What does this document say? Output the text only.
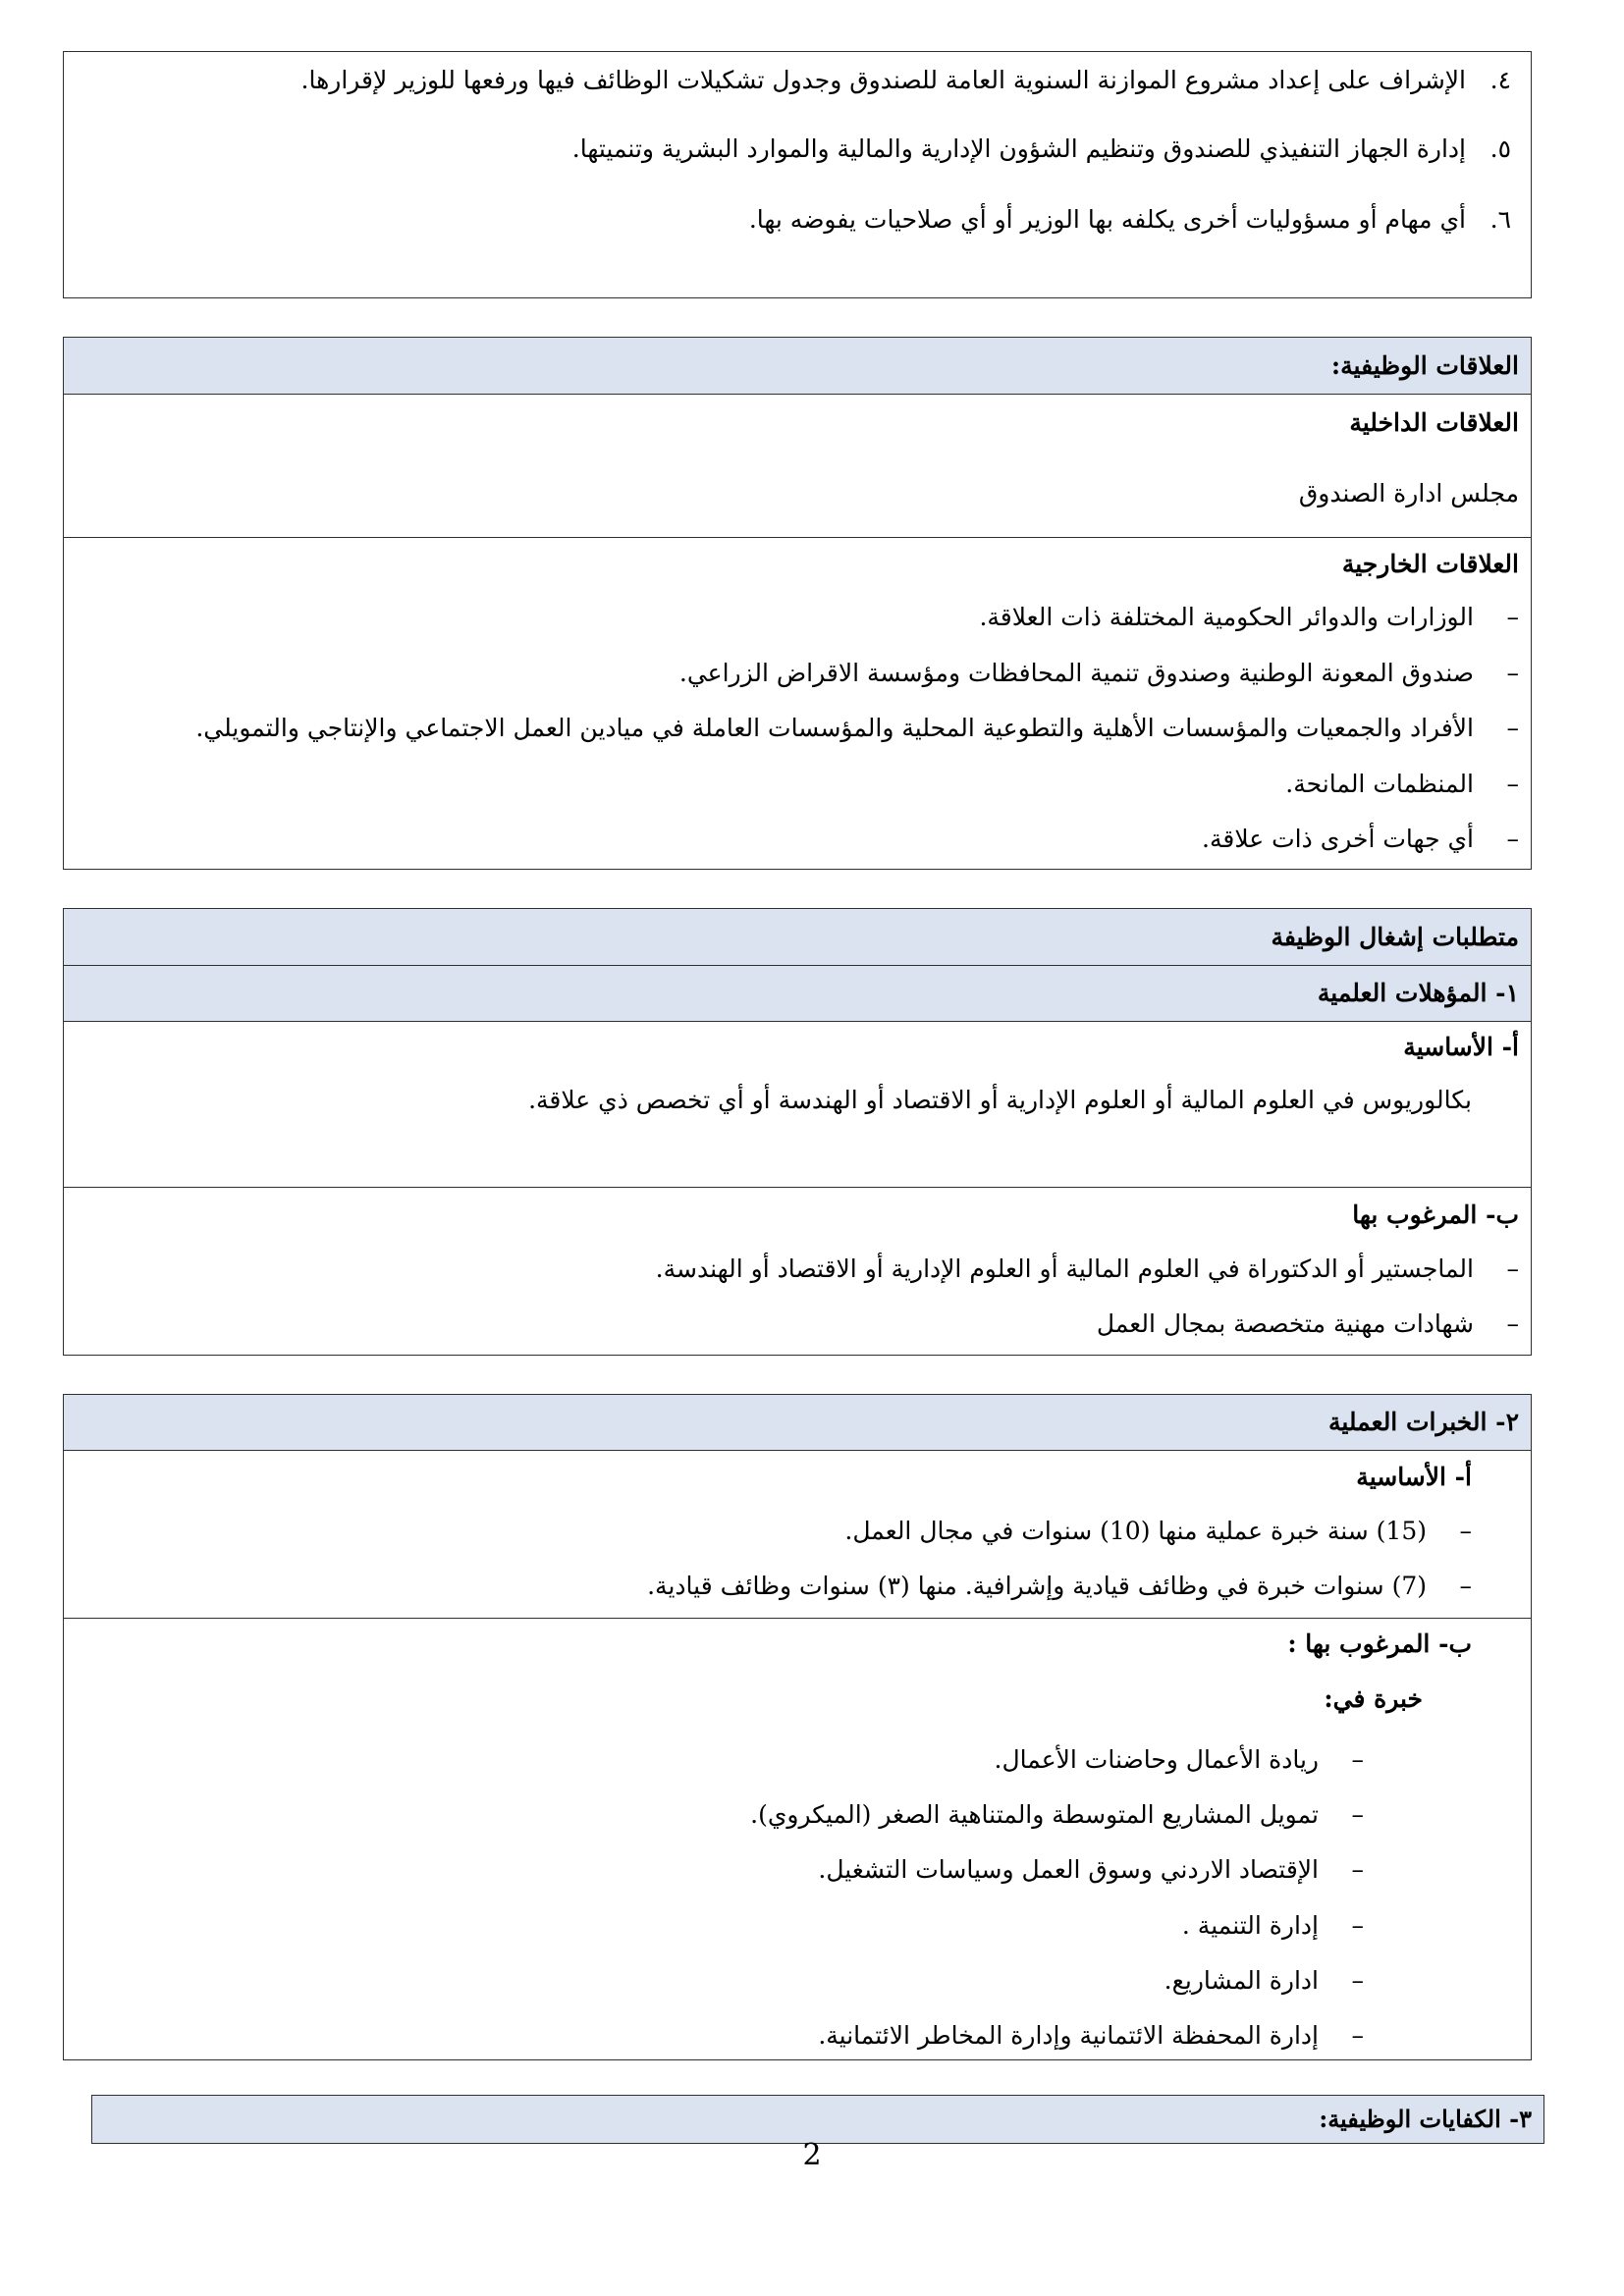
٤.الإشراف على إعداد مشروع الموازنة السنوية العامة للصندوق وجدول تشكيلات الوظائف فيها ورفعها للوزير لإقرارها.
٥.إدارة الجهاز التنفيذي للصندوق وتنظيم الشؤون الإدارية والمالية والموارد البشرية وتنميتها.
٦.أي مهام أو مسؤوليات أخرى يكلفه بها الوزير أو أي صلاحيات يفوضه بها.
العلاقات الوظيفية:
العلاقات الداخلية
مجلس ادارة الصندوق
العلاقات الخارجية
–الوزارات والدوائر الحكومية المختلفة ذات العلاقة.
–صندوق المعونة الوطنية وصندوق تنمية المحافظات ومؤسسة الاقراض الزراعي.
–الأفراد والجمعيات والمؤسسات الأهلية والتطوعية المحلية والمؤسسات العاملة في ميادين العمل الاجتماعي والإنتاجي والتمويلي.
–المنظمات المانحة.
–أي جهات أخرى ذات علاقة.
متطلبات إشغال الوظيفة
١- المؤهلات العلمية
أ- الأساسية
بكالوريوس في العلوم المالية أو العلوم الإدارية أو الاقتصاد أو الهندسة أو أي تخصص ذي علاقة.
ب- المرغوب بها
–الماجستير أو الدكتوراة في العلوم المالية أو العلوم الإدارية أو الاقتصاد أو الهندسة.
–شهادات مهنية متخصصة بمجال العمل
٢- الخبرات العملية
أ- الأساسية
–(15) سنة خبرة عملية منها (10) سنوات في مجال العمل.
–(7) سنوات خبرة في وظائف قيادية وإشرافية. منها (٣) سنوات وظائف قيادية.
ب- المرغوب بها :
خبرة في:
–ريادة الأعمال وحاضنات الأعمال.
–تمويل المشاريع المتوسطة والمتناهية الصغر (الميكروي).
–الإقتصاد الاردني وسوق العمل وسياسات التشغيل.
–إدارة التنمية .
–ادارة المشاريع.
–إدارة المحفظة الائتمانية وإدارة المخاطر الائتمانية.
٣- الكفايات الوظيفية:
2
